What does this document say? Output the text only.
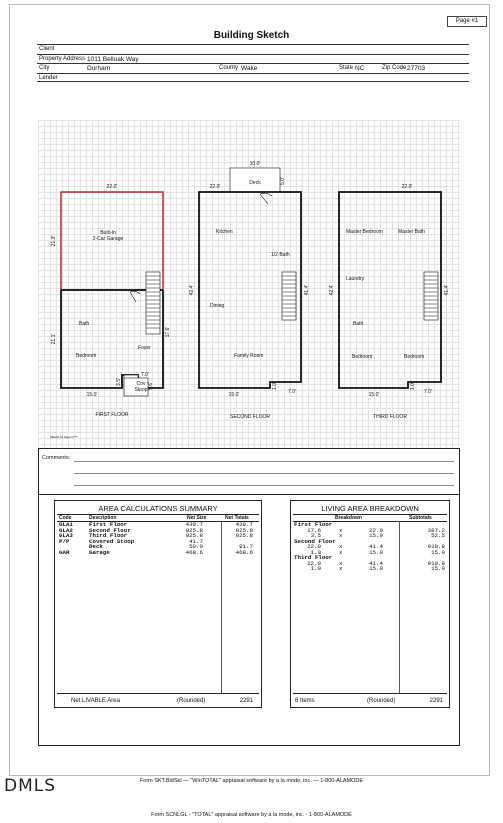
Page #1
Building Sketch
Client
Property Address 1011 Belloak Way
City	Durham	County Wake	State NC	Zip Code 27703
Lender
22.0'
21.3'
21.1'
17.6'
15.0'
7.0'
3.5'
5.6'
Built-In
2-Car Garage
Bath
Bedroom
Foyer
Cov
Stoop
FIRST FLOOR
10.0'
5.0'
22.0'
42.4'	41.4'
15.0'	7.0'
1.0'
Deck
Kitchen
1/2 Bath
Dining
Family Room
SECOND FLOOR
22.0'
42.4'	41.4'
15.0'	7.0'
1.0'
Master Bedroom	Master Bath
Laundry
Bath
Bedroom	Bedroom
THIRD FLOOR
Sketch by Apex IV™
Comments:
AREA CALCULATIONS SUMMARY
Code	Description	Net Size	Net Totals
GLA1	First Floor	439.7	439.7
GLA2	Second Floor	925.8	925.8
GLA3	Third Floor	925.8	925.8
P/P	Covered Stoop	41.7
Deck	50.0	91.7
GAR	Garage	468.6	468.6
Net LIVABLE Area	(Rounded)	2291
LIVING AREA BREAKDOWN
Breakdown	Subtotals
First Floor
17.6	x	22.0	387.2
3.5	x	15.0	52.5
Second Floor
22.0	x	41.4	910.8
1.0	x	15.0	15.0
Third Floor
22.0	x	41.4	910.8
1.0	x	15.0	15.0
6 Items	(Rounded)	2291
Form SKT.BldSkI — "WinTOTAL" appraisal software by a la mode, inc. — 1-800-ALAMODE
DMLS
Form SCNLGL - "TOTAL" appraisal software by a la mode, inc. - 1-800-ALAMODE
